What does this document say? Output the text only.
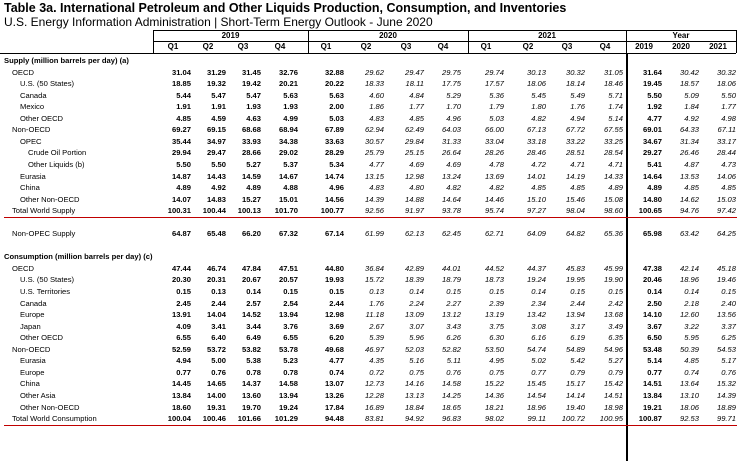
Table 3a. International Petroleum and Other Liquids Production, Consumption, and Inventories
U.S. Energy Information Administration | Short-Term Energy Outlook - June 2020
2019	2020	2021	Year
Q1	Q2	Q3	Q4	Q1	Q2	Q3	Q4	Q1	Q2	Q3	Q4	2019	2020	2021
Supply (million barrels per day) (a)
OECD	31.04	31.29	31.45	32.76	32.88	29.62	29.47	29.75	29.74	30.13	30.32	31.05	31.64	30.42	30.32
U.S. (50 States)	18.85	19.32	19.42	20.21	20.22	18.33	18.11	17.75	17.57	18.06	18.14	18.46	19.45	18.57	18.06
Canada	5.44	5.47	5.47	5.63	5.63	4.60	4.84	5.29	5.36	5.45	5.49	5.71	5.50	5.09	5.50
Mexico	1.91	1.91	1.93	1.93	2.00	1.86	1.77	1.70	1.79	1.80	1.76	1.74	1.92	1.84	1.77
Other OECD	4.85	4.59	4.63	4.99	5.03	4.83	4.85	4.96	5.03	4.82	4.94	5.14	4.77	4.92	4.98
Non-OECD	69.27	69.15	68.68	68.94	67.89	62.94	62.49	64.03	66.00	67.13	67.72	67.55	69.01	64.33	67.11
OPEC	35.44	34.97	33.93	34.38	33.63	30.57	29.84	31.33	33.04	33.18	33.22	33.25	34.67	31.34	33.17
Crude Oil Portion	29.94	29.47	28.66	29.02	28.29	25.79	25.15	26.64	28.26	28.46	28.51	28.54	29.27	26.46	28.44
Other Liquids (b)	5.50	5.50	5.27	5.37	5.34	4.77	4.69	4.69	4.78	4.72	4.71	4.71	5.41	4.87	4.73
Eurasia	14.87	14.43	14.59	14.67	14.74	13.15	12.98	13.24	13.69	14.01	14.19	14.33	14.64	13.53	14.06
China	4.89	4.92	4.89	4.88	4.96	4.83	4.80	4.82	4.82	4.85	4.85	4.89	4.89	4.85	4.85
Other Non-OECD	14.07	14.83	15.27	15.01	14.56	14.39	14.88	14.64	14.46	15.10	15.46	15.08	14.80	14.62	15.03
Total World Supply	100.31	100.44	100.13	101.70	100.77	92.56	91.97	93.78	95.74	97.27	98.04	98.60	100.65	94.76	97.42
Non-OPEC Supply	64.87	65.48	66.20	67.32	67.14	61.99	62.13	62.45	62.71	64.09	64.82	65.36	65.98	63.42	64.25
Consumption (million barrels per day) (c)
OECD	47.44	46.74	47.84	47.51	44.80	36.84	42.89	44.01	44.52	44.37	45.83	45.99	47.38	42.14	45.18
U.S. (50 States)	20.30	20.31	20.67	20.57	19.93	15.72	18.39	18.79	18.73	19.24	19.95	19.90	20.46	18.96	19.46
U.S. Territories	0.15	0.13	0.14	0.15	0.15	0.13	0.14	0.15	0.15	0.14	0.15	0.15	0.14	0.14	0.15
Canada	2.45	2.44	2.57	2.54	2.44	1.76	2.24	2.27	2.39	2.34	2.44	2.42	2.50	2.18	2.40
Europe	13.91	14.04	14.52	13.94	12.98	11.18	13.09	13.12	13.19	13.42	13.94	13.68	14.10	12.60	13.56
Japan	4.09	3.41	3.44	3.76	3.69	2.67	3.07	3.43	3.75	3.08	3.17	3.49	3.67	3.22	3.37
Other OECD	6.55	6.40	6.49	6.55	6.20	5.39	5.96	6.26	6.30	6.16	6.19	6.35	6.50	5.95	6.25
Non-OECD	52.59	53.72	53.82	53.78	49.68	46.97	52.03	52.82	53.50	54.74	54.89	54.96	53.48	50.39	54.53
Eurasia	4.94	5.00	5.38	5.23	4.77	4.35	5.16	5.11	4.95	5.02	5.42	5.27	5.14	4.85	5.17
Europe	0.77	0.76	0.78	0.78	0.74	0.72	0.75	0.76	0.75	0.77	0.79	0.79	0.77	0.74	0.76
China	14.45	14.65	14.37	14.58	13.07	12.73	14.16	14.58	15.22	15.45	15.17	15.42	14.51	13.64	15.32
Other Asia	13.84	14.00	13.60	13.94	13.26	12.28	13.13	14.25	14.36	14.54	14.14	14.51	13.84	13.10	14.39
Other Non-OECD	18.60	19.31	19.70	19.24	17.84	16.89	18.84	18.65	18.21	18.96	19.40	18.98	19.21	18.06	18.89
Total World Consumption	100.04	100.46	101.66	101.29	94.48	83.81	94.92	96.83	98.02	99.11	100.72	100.95	100.87	92.53	99.71
